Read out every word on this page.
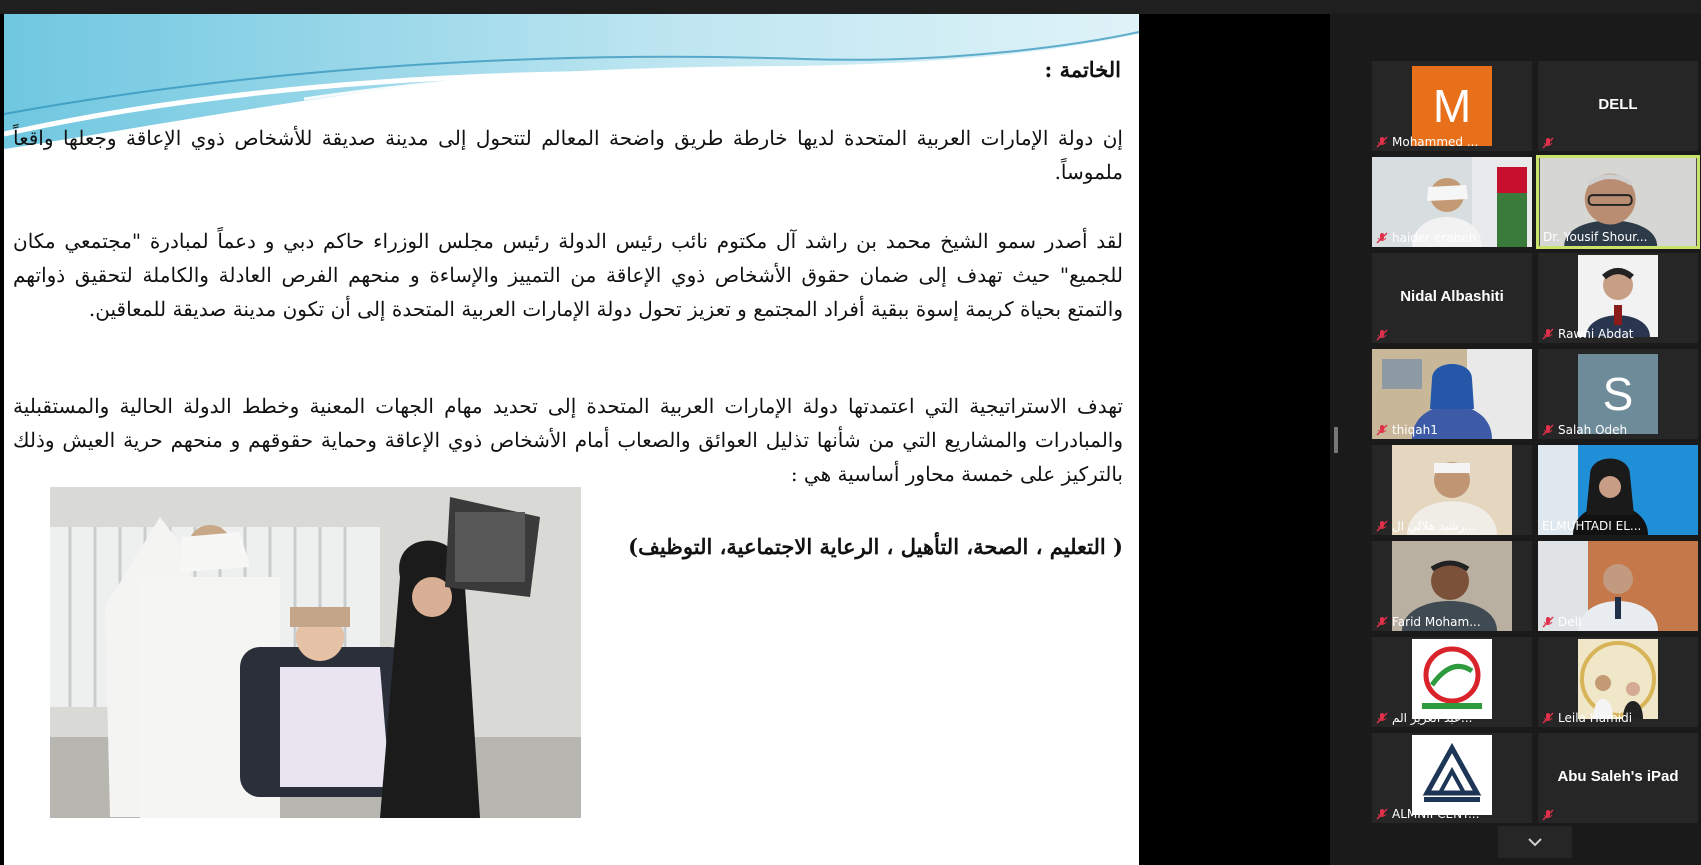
الخاتمة :

إن دولة الإمارات العربية المتحدة لديها خارطة طريق واضحة المعالم لتتحول إلى مدينة صديقة للأشخاص ذوي الإعاقة وجعلها واقعاً ملموساً.

لقد أصدر سمو الشيخ محمد بن راشد آل مكتوم نائب رئيس الدولة رئيس مجلس الوزراء حاكم دبي و دعماً لمبادرة "مجتمعي مكان للجميع" حيث تهدف إلى ضمان حقوق الأشخاص ذوي الإعاقة من التمييز والإساءة و منحهم الفرص العادلة والكاملة لتحقيق ذواتهم والتمتع بحياة كريمة إسوة ببقية أفراد المجتمع و تعزيز تحول دولة الإمارات العربية المتحدة إلى أن تكون مدينة صديقة للمعاقين.

تهدف الاستراتيجية التي اعتمدتها دولة الإمارات العربية المتحدة إلى تحديد مهام الجهات المعنية وخطط الدولة الحالية والمستقبلية والمبادرات والمشاريع التي من شأنها تذليل العوائق والصعاب أمام الأشخاص ذوي الإعاقة وحماية حقوقهم و منحهم حرية العيش وذلك بالتركيز على خمسة محاور أساسية هي :

( التعليم ، الصحة، التأهيل ، الرعاية الاجتماعية، التوظيف)
M
Mohammed ...
DELL
haider erabeh	Dr. Yousif Shour...
Nidal Albashiti
Rawhi Abdat
thiqah1
S
Salah Odeh
رشيد هلالي ال...	ELMUHTADI EL...
Farid Moham...	Dell
عبد العزيز الم...	Leila Hamidi
ALMNII CENT...
Abu Saleh's iPad
